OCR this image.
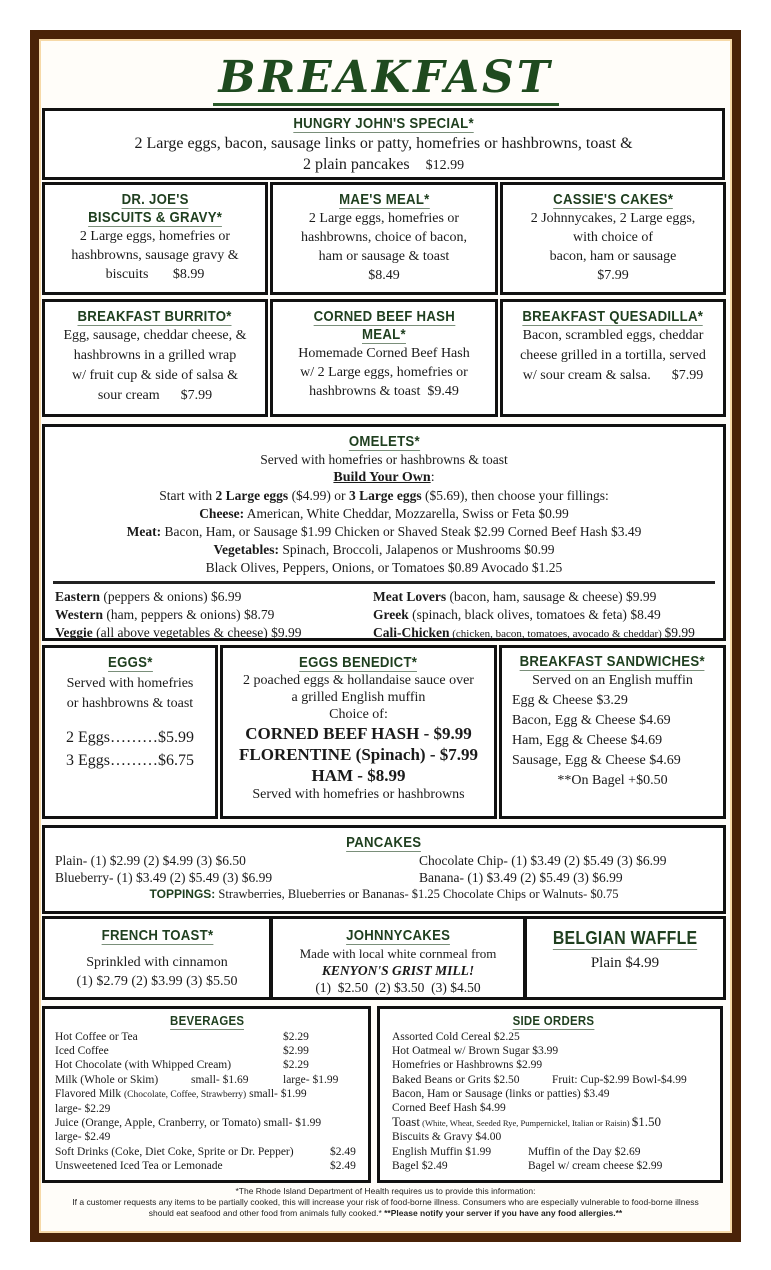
BREAKFAST
HUNGRY JOHN'S SPECIAL*
2 Large eggs, bacon, sausage links or patty, homefries or hashbrowns, toast &
2 plain pancakes $12.99
DR. JOE'S
BISCUITS & GRAVY*
2 Large eggs, homefries or
hashbrowns, sausage gravy &
biscuits $8.99
MAE'S MEAL*
2 Large eggs, homefries or
hashbrowns, choice of bacon,
ham or sausage & toast
$8.49
CASSIE'S CAKES*
2 Johnnycakes, 2 Large eggs,
with choice of
bacon, ham or sausage
$7.99
BREAKFAST BURRITO*
Egg, sausage, cheddar cheese, &
hashbrowns in a grilled wrap
w/ fruit cup & side of salsa &
sour cream $7.99
CORNED BEEF HASH
MEAL*
Homemade Corned Beef Hash
w/ 2 Large eggs, homefries or
hashbrowns & toast $9.49
BREAKFAST QUESADILLA*
Bacon, scrambled eggs, cheddar
cheese grilled in a tortilla, served
w/ sour cream & salsa. $7.99
OMELETS*
Served with homefries or hashbrowns & toast
Build Your Own:
Start with 2 Large eggs ($4.99) or 3 Large eggs ($5.69), then choose your fillings:
Cheese: American, White Cheddar, Mozzarella, Swiss or Feta $0.99
Meat: Bacon, Ham, or Sausage $1.99 Chicken or Shaved Steak $2.99 Corned Beef Hash $3.49
Vegetables: Spinach, Broccoli, Jalapenos or Mushrooms $0.99
Black Olives, Peppers, Onions, or Tomatoes $0.89 Avocado $1.25
Eastern (peppers & onions) $6.99	Meat Lovers (bacon, ham, sausage & cheese) $9.99
Western (ham, peppers & onions) $8.79	Greek (spinach, black olives, tomatoes & feta) $8.49
Veggie (all above vegetables & cheese) $9.99	Cali-Chicken (chicken, bacon, tomatoes, avocado & cheddar) $9.99
EGGS*
Served with homefries
or hashbrowns & toast
2 Eggs………$5.99
3 Eggs………$6.75
EGGS BENEDICT*
2 poached eggs & hollandaise sauce over
a grilled English muffin
Choice of:
CORNED BEEF HASH - $9.99
FLORENTINE (Spinach) - $7.99
HAM - $8.99
Served with homefries or hashbrowns
BREAKFAST SANDWICHES*
Served on an English muffin
Egg & Cheese $3.29
Bacon, Egg & Cheese $4.69
Ham, Egg & Cheese $4.69
Sausage, Egg & Cheese $4.69
**On Bagel +$0.50
PANCAKES
Plain- (1) $2.99 (2) $4.99 (3) $6.50	Chocolate Chip- (1) $3.49 (2) $5.49 (3) $6.99
Blueberry- (1) $3.49 (2) $5.49 (3) $6.99	Banana- (1) $3.49 (2) $5.49 (3) $6.99
TOPPINGS: Strawberries, Blueberries or Bananas- $1.25 Chocolate Chips or Walnuts- $0.75
FRENCH TOAST*
Sprinkled with cinnamon
(1) $2.79 (2) $3.99 (3) $5.50
JOHNNYCAKES
Made with local white cornmeal from
KENYON'S GRIST MILL!
(1)  $2.50  (2) $3.50  (3) $4.50
BELGIAN WAFFLE
Plain $4.99
BEVERAGES
Hot Coffee or Tea	$2.29
Iced Coffee	$2.99
Hot Chocolate (with Whipped Cream)	$2.29
Milk (Whole or Skim)	small- $1.69	large- $1.99
Flavored Milk (Chocolate, Coffee, Strawberry) small- $1.99
large- $2.29
Juice (Orange, Apple, Cranberry, or Tomato) small- $1.99
large- $2.49
Soft Drinks (Coke, Diet Coke, Sprite or Dr. Pepper)	$2.49
Unsweetened Iced Tea or Lemonade	$2.49
SIDE ORDERS
Assorted Cold Cereal $2.25
Hot Oatmeal w/ Brown Sugar $3.99
Homefries or Hashbrowns $2.99
Baked Beans or Grits $2.50	Fruit: Cup-$2.99 Bowl-$4.99
Bacon, Ham or Sausage (links or patties) $3.49
Corned Beef Hash $4.99
Toast (White, Wheat, Seeded Rye, Pumpernickel, Italian or Raisin) $1.50
Biscuits & Gravy $4.00
English Muffin $1.99	Muffin of the Day $2.69
Bagel $2.49	Bagel w/ cream cheese $2.99
*The Rhode Island Department of Health requires us to provide this information:
If a customer requests any items to be partially cooked, this will increase your risk of food-borne illness. Consumers who are especially vulnerable to food-borne illness
should eat seafood and other food from animals fully cooked.* **Please notify your server if you have any food allergies.**
